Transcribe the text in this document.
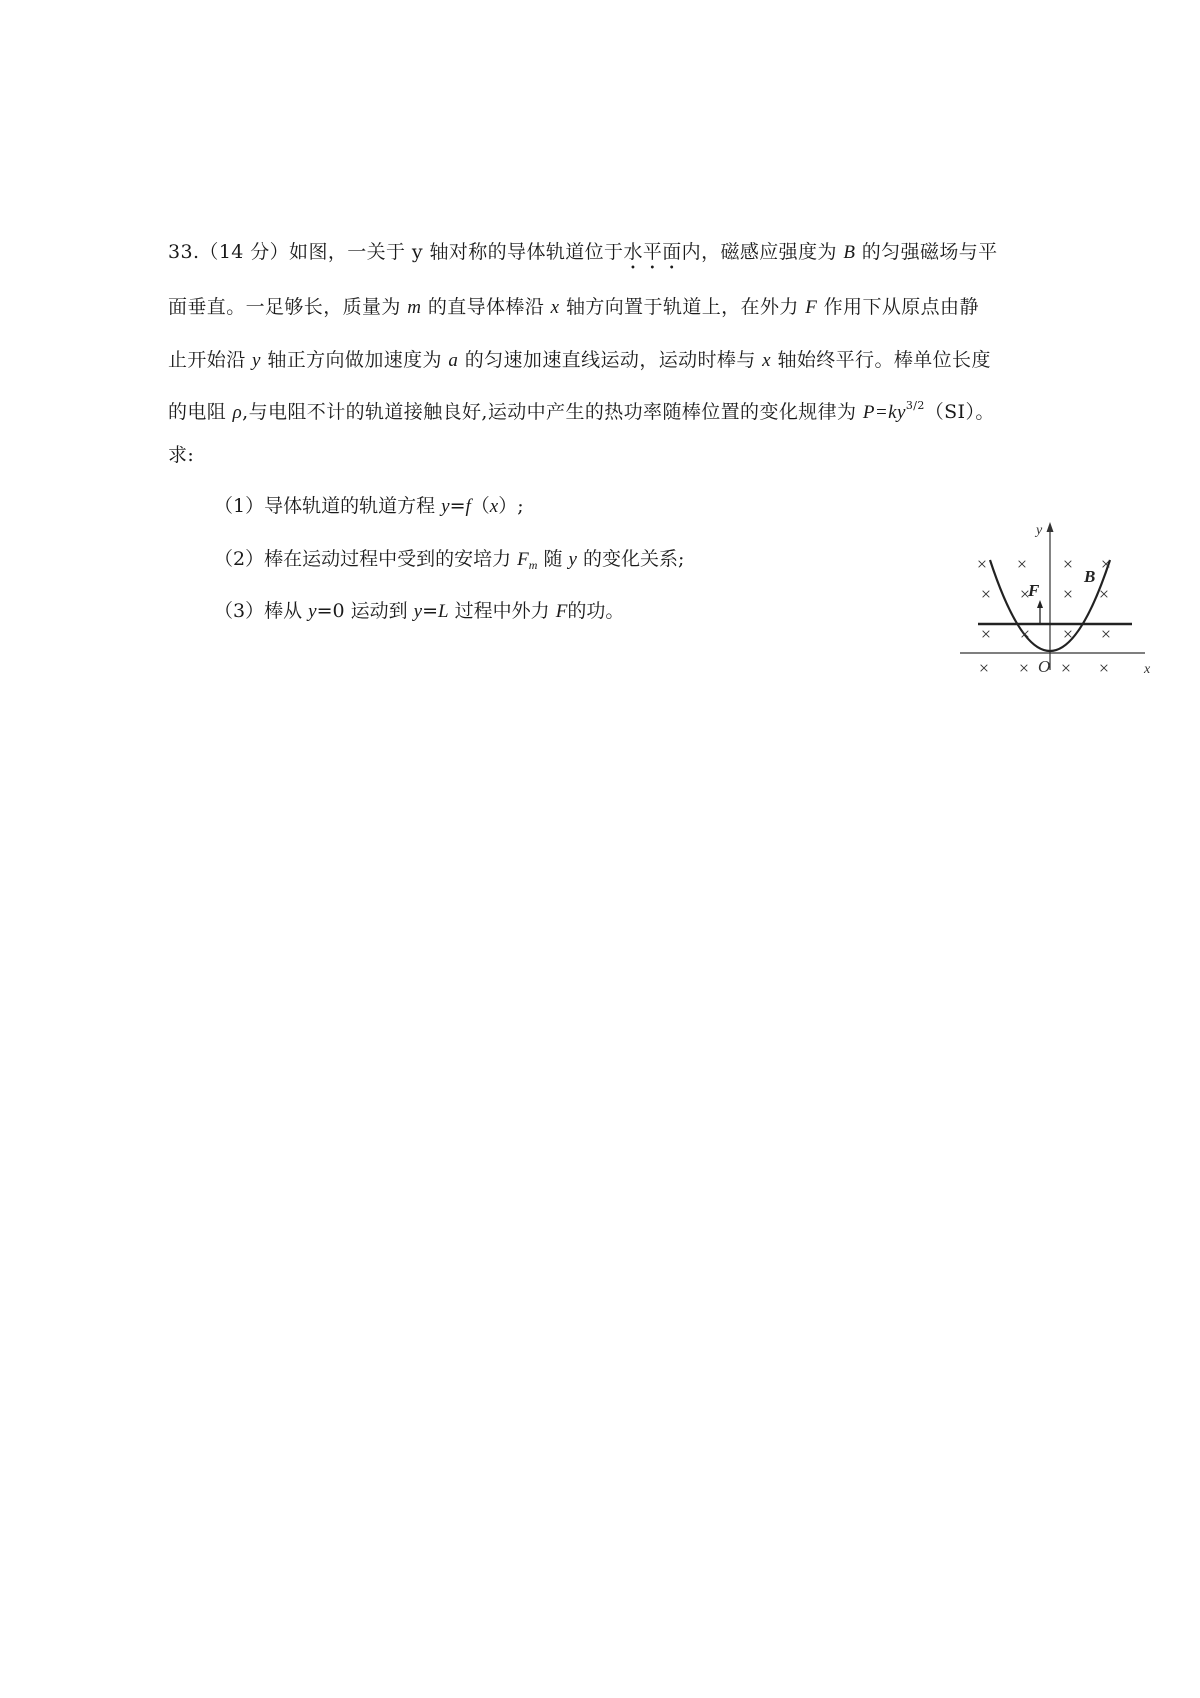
33.（14 分）如图，一关于 y 轴对称的导体轨道位于水平面内，磁感应强度为 B 的匀强磁场与平
面垂直。一足够长，质量为 m 的直导体棒沿 x 轴方向置于轨道上，在外力 F 作用下从原点由静
止开始沿 y 轴正方向做加速度为 a 的匀速加速直线运动，运动时棒与 x 轴始终平行。棒单位长度
的电阻 ρ,与电阻不计的轨道接触良好,运动中产生的热功率随棒位置的变化规律为 $P=ky^{3/2}(SI)$。
求:
（1）导体轨道的轨道方程 y=f（x）;
（2）棒在运动过程中受到的安培力 $F_m$ 随 y 的变化关系;
（3）棒从 y=0 运动到 y=L 过程中外力 F的功。
× × × ×
× × × ×
× × × ×
× × × ×
y
x
O
F
B
